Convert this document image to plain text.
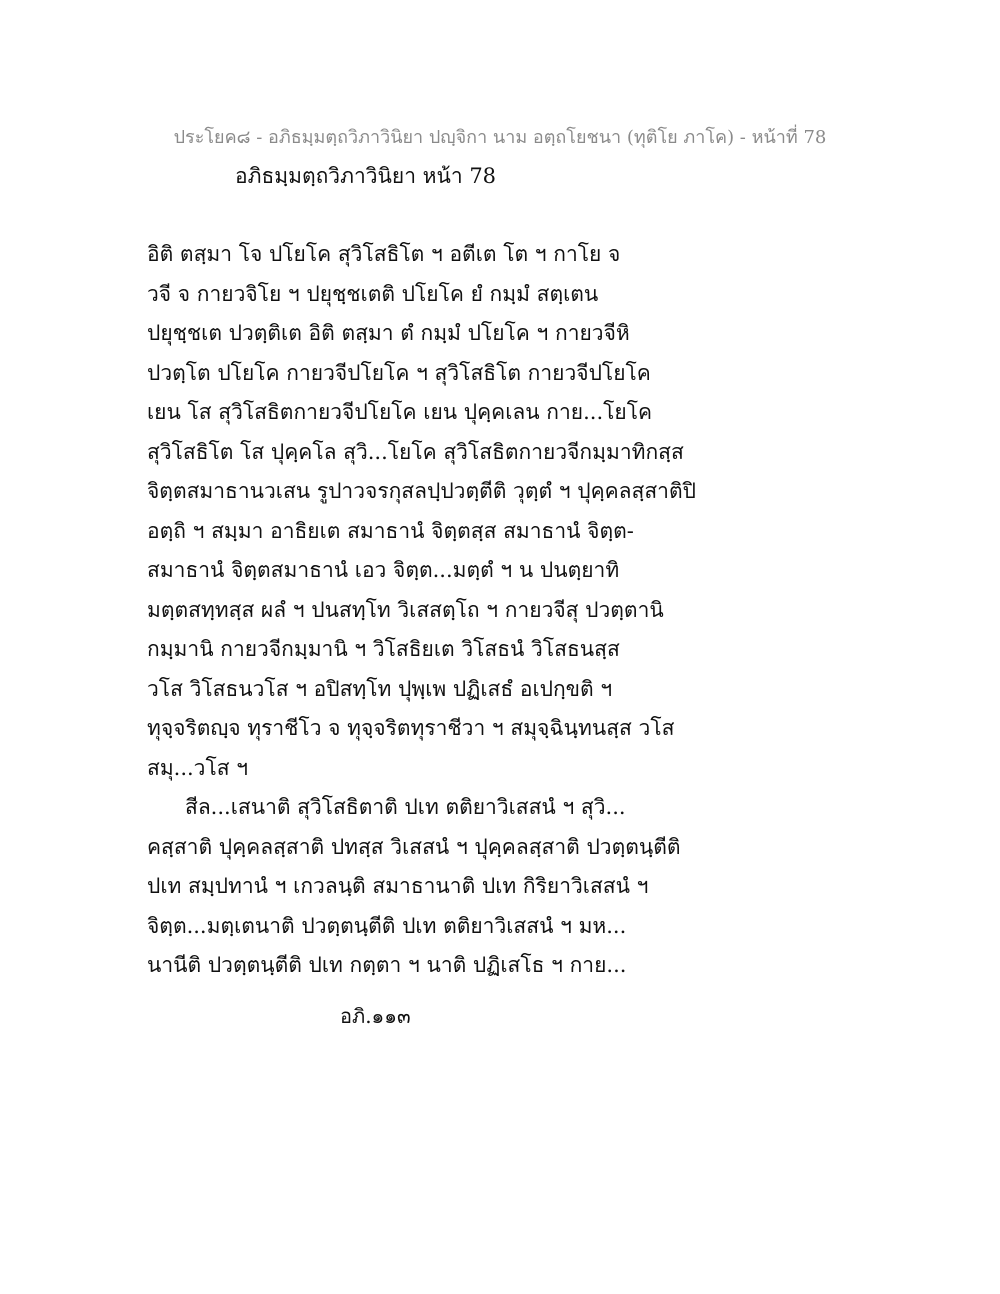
ประโยค๘ - อภิธมฺมตฺถวิภาวินิยา ปญฺจิกา นาม อตฺถโยชนา (ทุติโย ภาโค) - หน้าที่ 78
อภิธมฺมตฺถวิภาวินิยา หน้า 78
อิติ ตสฺมา โจ ปโยโค สุวิโสธิโต ฯ อตีเต โต ฯ กาโย จ
วจี จ กายวจิโย ฯ ปยุชฺชเตติ ปโยโค ยํ กมฺมํ สตฺเตน
ปยุชฺชเต ปวตฺติเต อิติ ตสฺมา ตํ กมฺมํ ปโยโค ฯ กายวจีหิ
ปวตฺโต ปโยโค กายวจีปโยโค ฯ สุวิโสธิโต กายวจีปโยโค
เยน โส สุวิโสธิตกายวจีปโยโค เยน ปุคฺคเลน กาย...โยโค
สุวิโสธิโต โส ปุคฺคโล สุวิ...โยโค สุวิโสธิตกายวจีกมฺมาทิกสฺส
จิตฺตสมาธานวเสน รูปาวจรกุสลปฺปวตฺตีติ วุตฺตํ ฯ ปุคฺคลสฺสาติปิ
อตฺถิ ฯ สมฺมา อาธิยเต สมาธานํ จิตฺตสฺส สมาธานํ จิตฺต-
สมาธานํ จิตฺตสมาธานํ เอว จิตฺต...มตฺตํ ฯ น ปนตฺยาทิ
มตฺตสทฺทสฺส ผลํ ฯ ปนสทฺโท วิเสสตฺโถ ฯ กายวจีสุ ปวตฺตานิ
กมฺมานิ กายวจีกมฺมานิ ฯ วิโสธิยเต วิโสธนํ วิโสธนสฺส
วโส วิโสธนวโส ฯ อปิสทฺโท ปุพฺเพ ปฏิเสธํ อเปกฺขติ ฯ
ทุจฺจริตญฺจ ทุราชีโว จ ทุจฺจริตทุราชีวา ฯ สมุจฺฉินฺทนสฺส วโส
สมุ...วโส ฯ
สีล...เสนาติ สุวิโสธิตาติ ปเท ตติยาวิเสสนํ ฯ สุวิ...
คสฺสาติ ปุคฺคลสฺสาติ ปทสฺส วิเสสนํ ฯ ปุคฺคลสฺสาติ ปวตฺตนฺตีติ
ปเท สมฺปทานํ ฯ เกวลนฺติ สมาธานาติ ปเท กิริยาวิเสสนํ ฯ
จิตฺต...มตฺเตนาติ ปวตฺตนฺตีติ ปเท ตติยาวิเสสนํ ฯ มห...
นานีติ ปวตฺตนฺตีติ ปเท กตฺตา ฯ นาติ ปฏิเสโธ ฯ กาย...
อภิ.๑๑๓
